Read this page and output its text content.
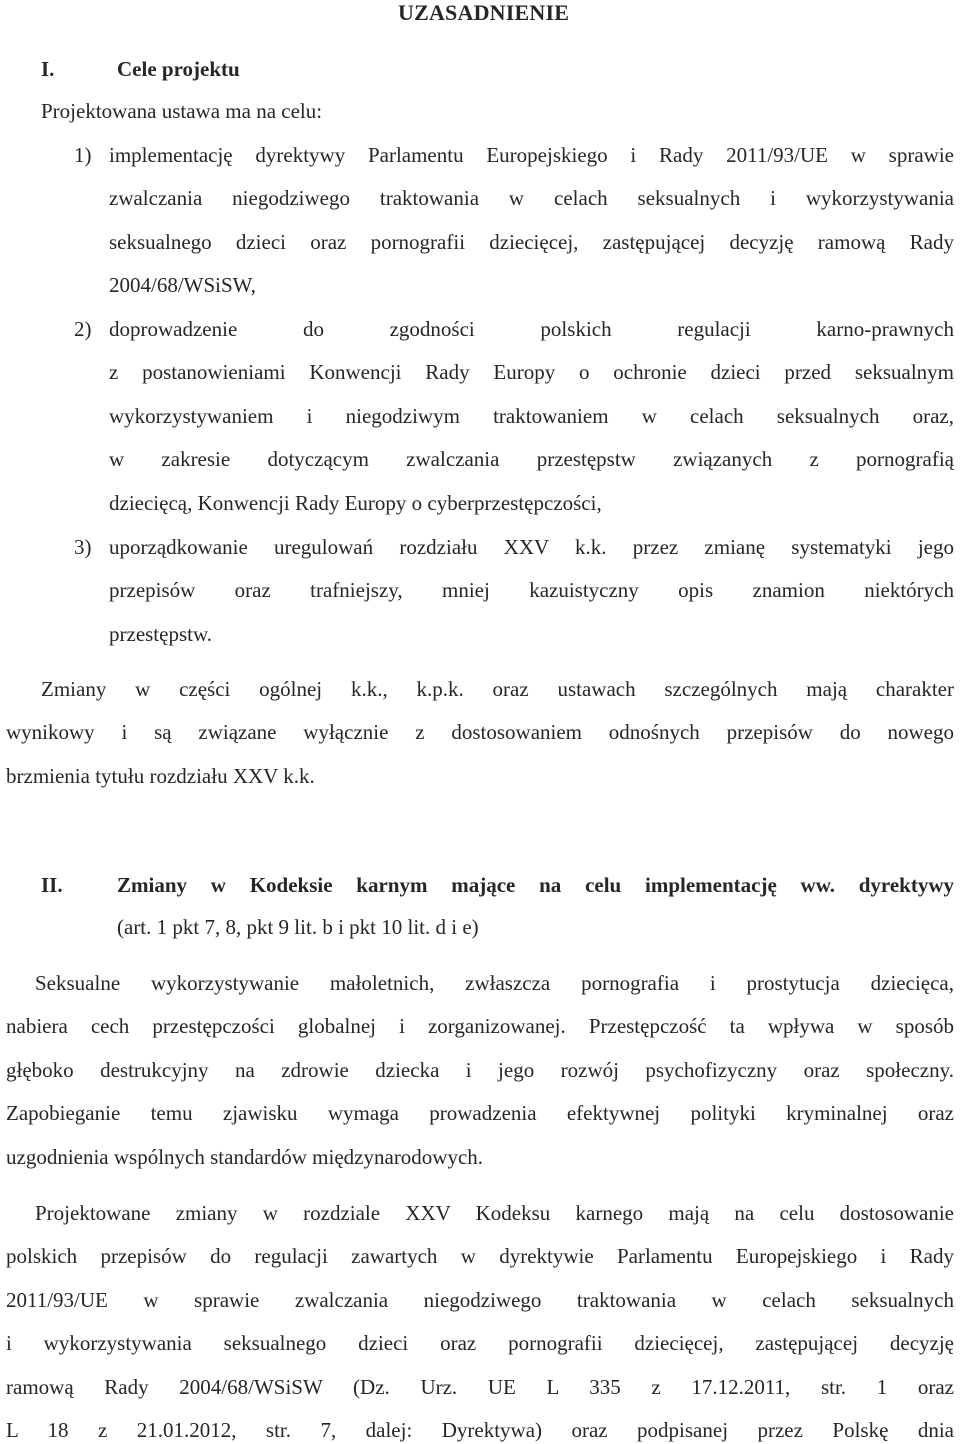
UZASADNIENIE
I.	Cele projektu
Projektowana ustawa ma na celu:
1) implementację dyrektywy Parlamentu Europejskiego i Rady 2011/93/UE w sprawie
zwalczania niegodziwego traktowania w celach seksualnych i wykorzystywania
seksualnego dzieci oraz pornografii dziecięcej, zastępującej decyzję ramową Rady
2004/68/WSiSW,
2) doprowadzenie do zgodności polskich regulacji karno-prawnych
z postanowieniami Konwencji Rady Europy o ochronie dzieci przed seksualnym
wykorzystywaniem i niegodziwym traktowaniem w celach seksualnych oraz,
w zakresie dotyczącym zwalczania przestępstw związanych z pornografią
dziecięcą, Konwencji Rady Europy o cyberprzestępczości,
3) uporządkowanie uregulowań rozdziału XXV k.k. przez zmianę systematyki jego
przepisów oraz trafniejszy, mniej kazuistyczny opis znamion niektórych
przestępstw.
Zmiany w części ogólnej k.k., k.p.k. oraz ustawach szczególnych mają charakter
wynikowy i są związane wyłącznie z dostosowaniem odnośnych przepisów do nowego
brzmienia tytułu rozdziału XXV k.k.
II.	Zmiany w Kodeksie karnym mające na celu implementację ww. dyrektywy
(art. 1 pkt 7, 8, pkt 9 lit. b i pkt 10 lit. d i e)
Seksualne wykorzystywanie małoletnich, zwłaszcza pornografia i prostytucja dziecięca,
nabiera cech przestępczości globalnej i zorganizowanej. Przestępczość ta wpływa w sposób
głęboko destrukcyjny na zdrowie dziecka i jego rozwój psychofizyczny oraz społeczny.
Zapobieganie temu zjawisku wymaga prowadzenia efektywnej polityki kryminalnej oraz
uzgodnienia wspólnych standardów międzynarodowych.
Projektowane zmiany w rozdziale XXV Kodeksu karnego mają na celu dostosowanie
polskich przepisów do regulacji zawartych w dyrektywie Parlamentu Europejskiego i Rady
2011/93/UE w sprawie zwalczania niegodziwego traktowania w celach seksualnych
i wykorzystywania seksualnego dzieci oraz pornografii dziecięcej, zastępującej decyzję
ramową Rady 2004/68/WSiSW (Dz. Urz. UE L 335 z 17.12.2011, str. 1 oraz
L 18 z 21.01.2012, str. 7, dalej: Dyrektywa) oraz podpisanej przez Polskę dnia
